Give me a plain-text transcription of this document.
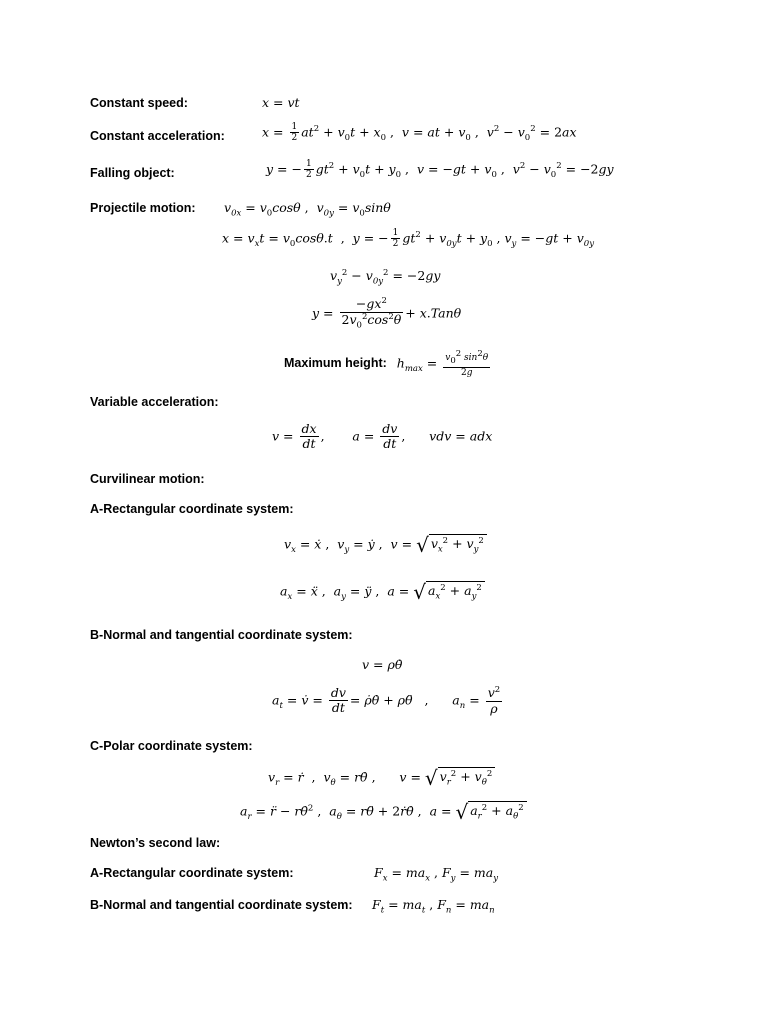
Constant speed:	x = vt
Constant acceleration:	$x = \frac{1}{2} at^2 + v_0t + x_0$ ,  v = at + $v_0$ ,  $v^2 - v_0^2 = 2ax$
Falling object:	y = − $\frac{1}{2} gt^2 + v_0t + y_0$ ,  $v = -gt + v_0$ ,  $v^2 - v_0^2 = -2gy$
Projectile motion: $v_{0x} = v_0\cos\theta$ ,  $v_{0y} = v_0\sin\theta$
$x = v_xt = v_0\cos\theta.t$  ,  y = − $\frac{1}{2} gt^2 + v_{0y}t + y_0$ , $v_y = -gt + v_{0y}$
$v_y^2 - v_{0y}^2 = -2gy$
$y = \frac{-gx^2}{2v_0^2\cos^2\theta} + x.Tan\theta$
Maximum height: $h_{max} = \frac{v_0^2 \sin^2\theta}{2g}$
Variable acceleration:
$v = \frac{dx}{dt}$ ,       $a = \frac{dv}{dt}$ ,      vdv = adx
Curvilinear motion:
A-Rectangular coordinate system:
$v_x$ = ẋ ,  $v_y$ = ẏ ,  v = √ $v_x^2 + v_y^2$
$a_x$ = ẍ ,  $a_y$ = ÿ ,  a = √ $a_x^2 + a_y^2$
B-Normal and tangential coordinate system:
v = ρθ̇
$a_t$ = v̇ = $\frac{dv}{dt}$ = ρ̇θ̇ + ρθ̈   ,      $a_n = \frac{v^2}{\rho}$
C-Polar coordinate system:
$v_r$ = ṙ  ,  $v_\theta$ = rθ̇ ,      v = √ $v_r^2 + v_\theta^2$
$a_r$ = r̈ − rθ̇$^2$ ,  $a_\theta$ = rθ̈ + 2ṙθ̇ ,  a = √ $a_r^2 + a_\theta^2$
Newton’s second law:
A-Rectangular coordinate system:	$F_x = ma_x$ , $F_y = ma_y$
B-Normal and tangential coordinate system: $F_t = ma_t$ , $F_n = ma_n$
